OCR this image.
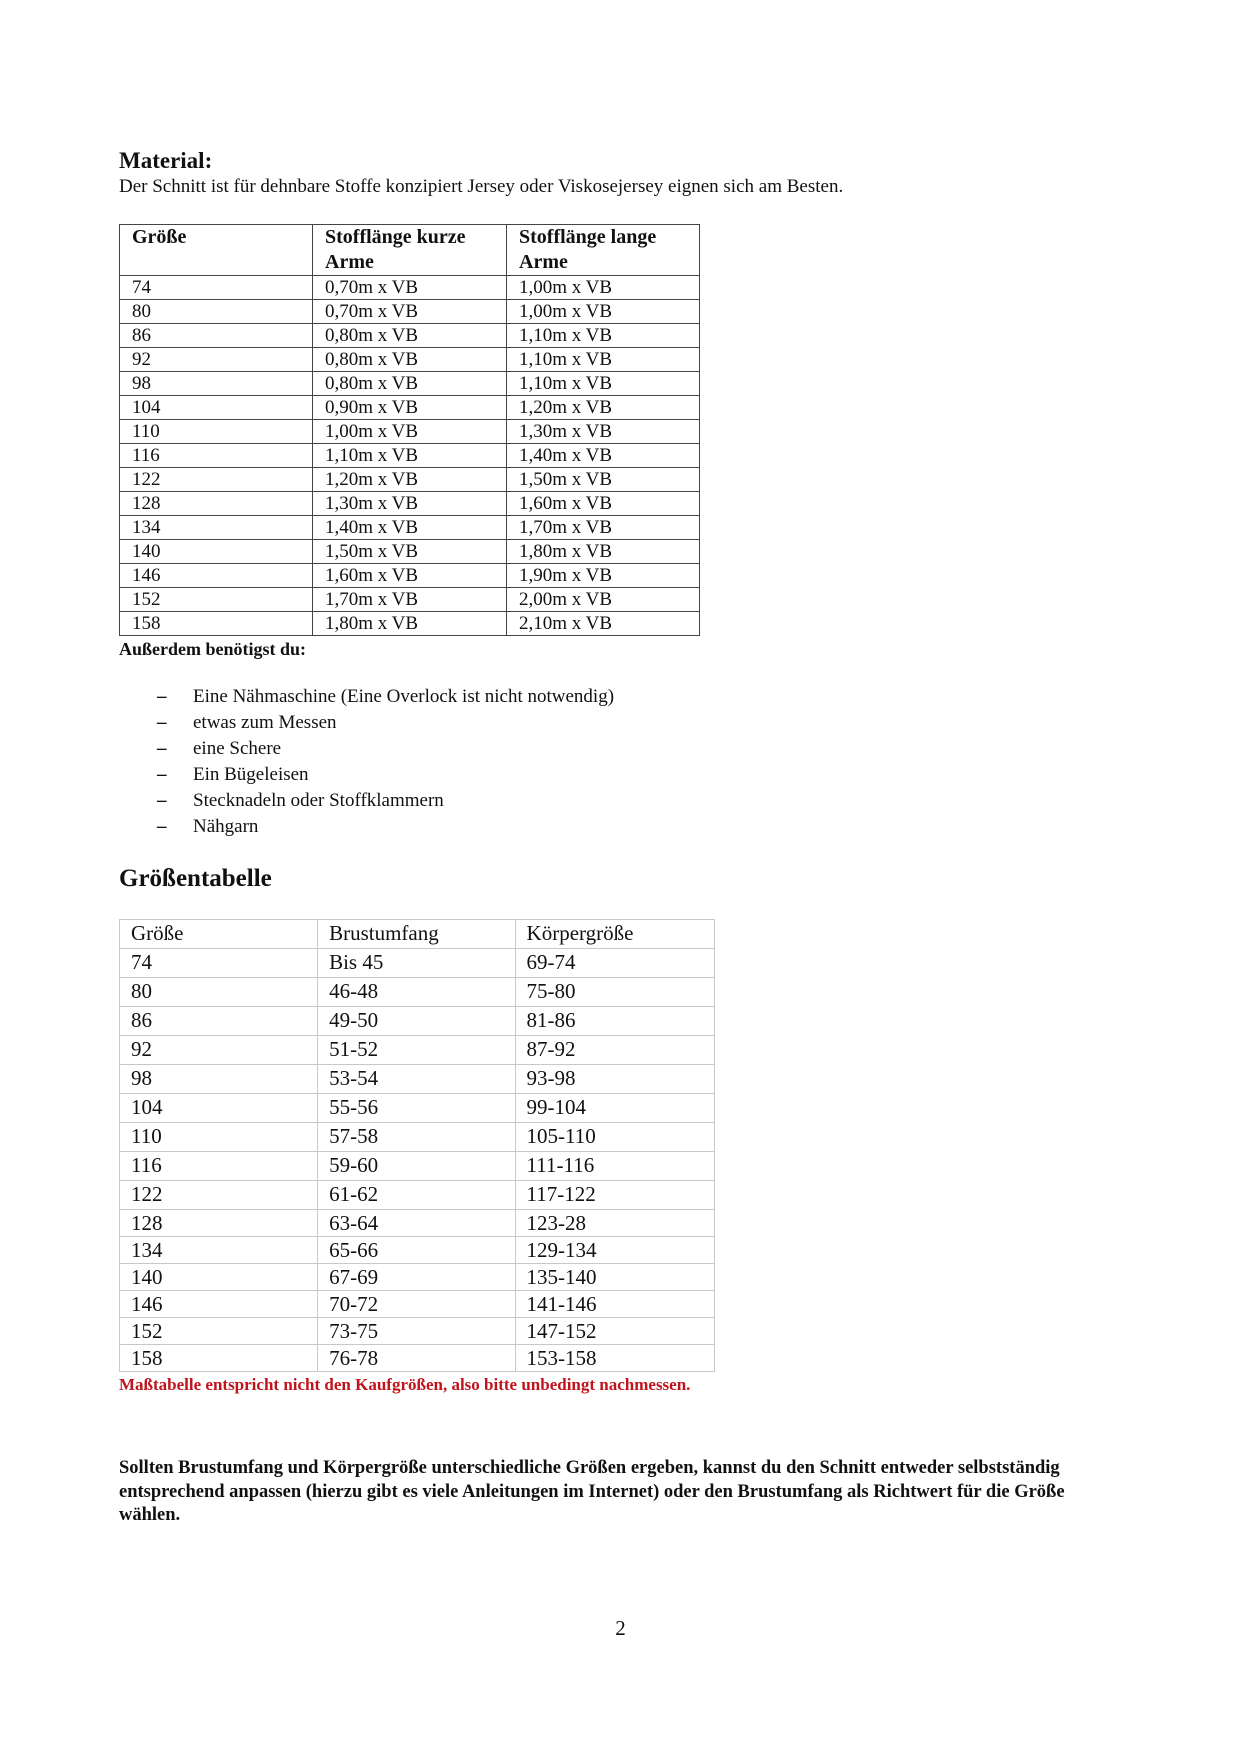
Material:
Der Schnitt ist für dehnbare Stoffe konzipiert Jersey oder Viskosejersey eignen sich am Besten.
Größe	Stofflänge kurze Arme	Stofflänge lange Arme
74	0,70m x VB	1,00m x VB
80	0,70m x VB	1,00m x VB
86	0,80m x VB	1,10m x VB
92	0,80m x VB	1,10m x VB
98	0,80m x VB	1,10m x VB
104	0,90m x VB	1,20m x VB
110	1,00m x VB	1,30m x VB
116	1,10m x VB	1,40m x VB
122	1,20m x VB	1,50m x VB
128	1,30m x VB	1,60m x VB
134	1,40m x VB	1,70m x VB
140	1,50m x VB	1,80m x VB
146	1,60m x VB	1,90m x VB
152	1,70m x VB	2,00m x VB
158	1,80m x VB	2,10m x VB
Außerdem benötigst du:
– Eine Nähmaschine (Eine Overlock ist nicht notwendig)
– etwas zum Messen
– eine Schere
– Ein Bügeleisen
– Stecknadeln oder Stoffklammern
– Nähgarn
Größentabelle
Größe	Brustumfang	Körpergröße
74	Bis 45	69-74
80	46-48	75-80
86	49-50	81-86
92	51-52	87-92
98	53-54	93-98
104	55-56	99-104
110	57-58	105-110
116	59-60	111-116
122	61-62	117-122
128	63-64	123-28
134	65-66	129-134
140	67-69	135-140
146	70-72	141-146
152	73-75	147-152
158	76-78	153-158
Maßtabelle entspricht nicht den Kaufgrößen, also bitte unbedingt nachmessen.
Sollten Brustumfang und Körpergröße unterschiedliche Größen ergeben, kannst du den Schnitt entweder selbstständig entsprechend anpassen (hierzu gibt es viele Anleitungen im Internet) oder den Brustumfang als Richtwert für die Größe wählen.
2
